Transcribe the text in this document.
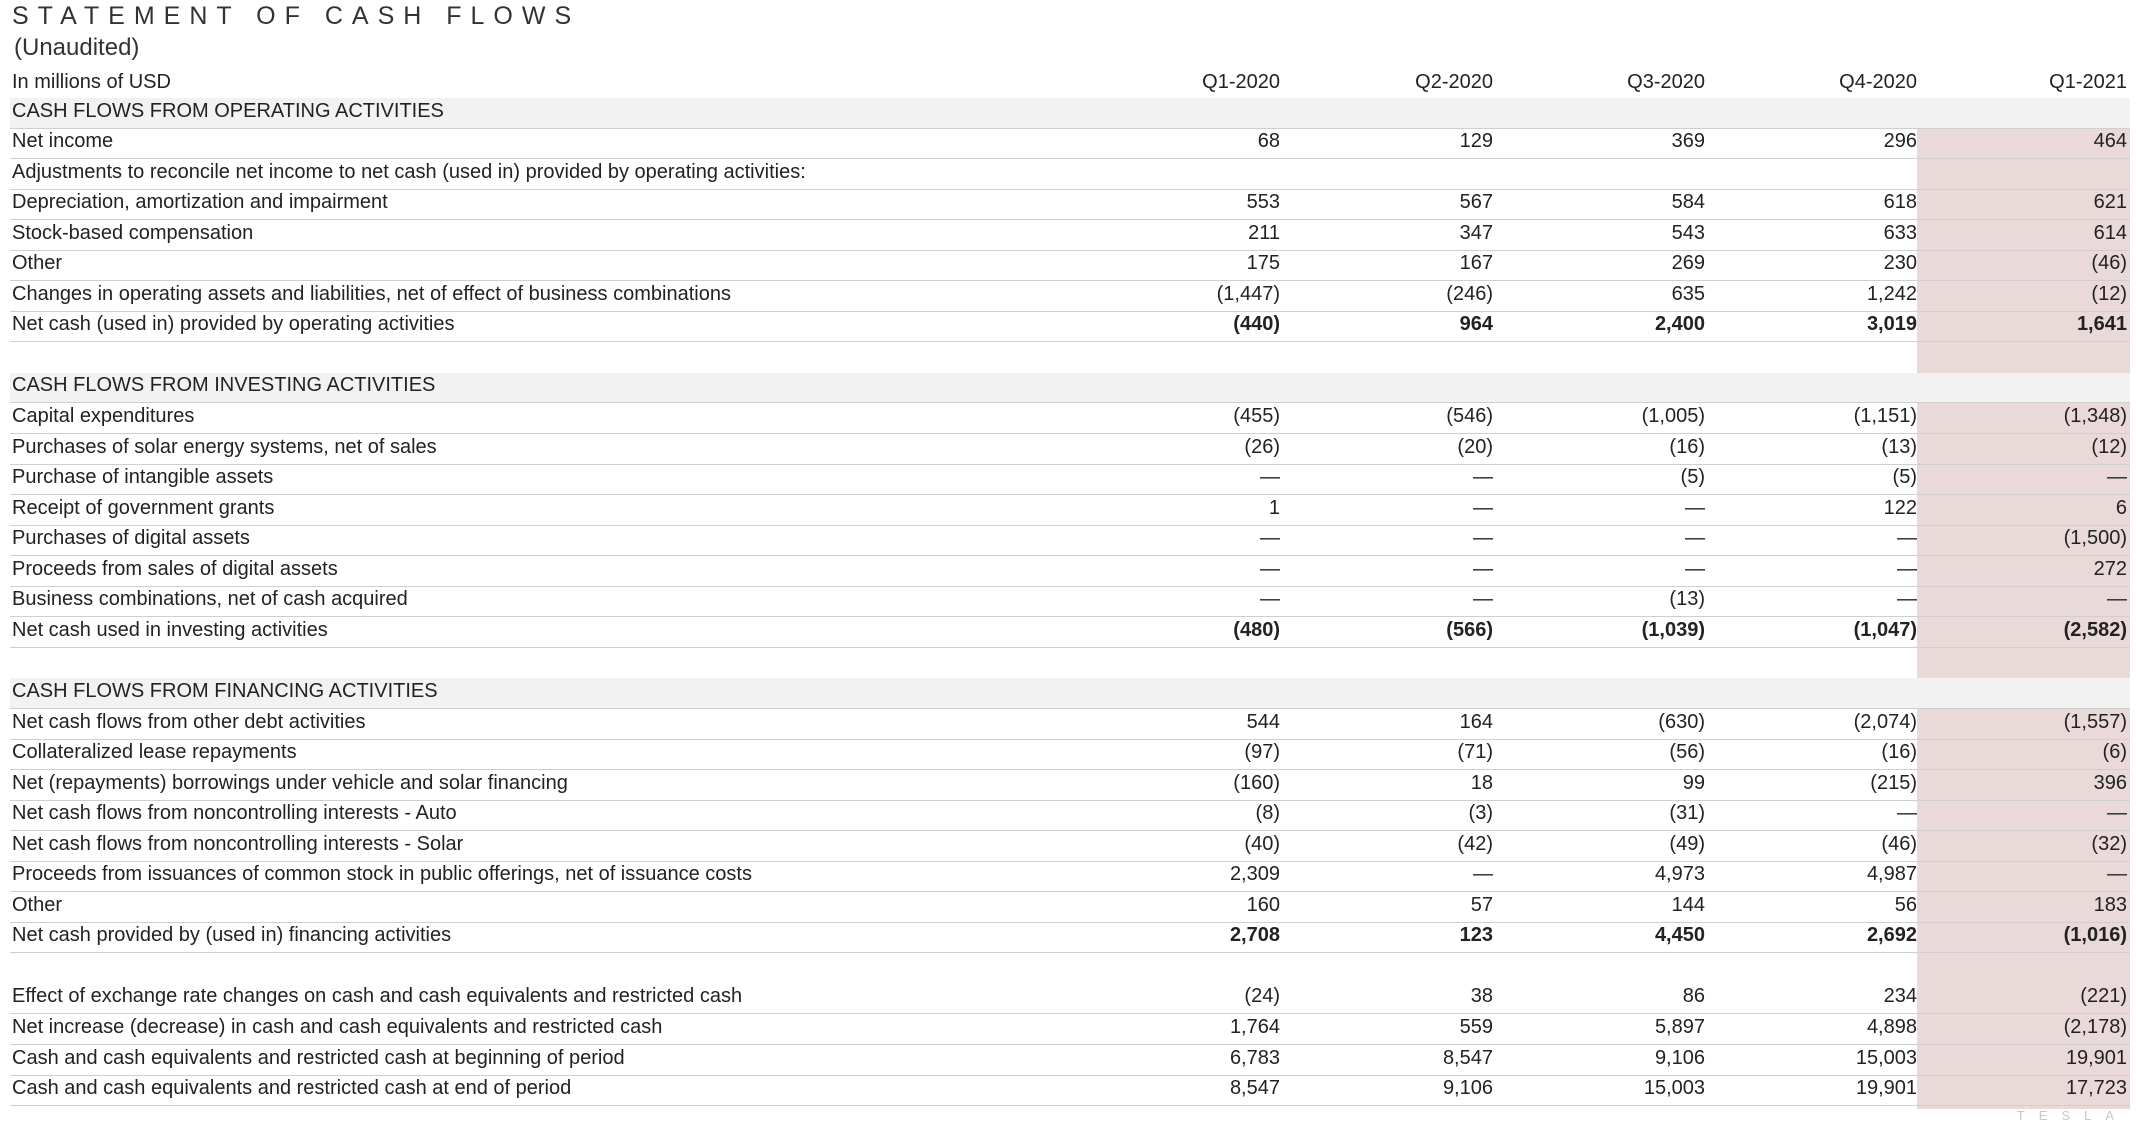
STATEMENT OF CASH FLOWS
(Unaudited)
In millions of USD	Q1-2020	Q2-2020	Q3-2020	Q4-2020	Q1-2021
CASH FLOWS FROM OPERATING ACTIVITIES
Net income	68	129	369	296	464
Adjustments to reconcile net income to net cash (used in) provided by operating activities:
Depreciation, amortization and impairment	553	567	584	618	621
Stock-based compensation	211	347	543	633	614
Other	175	167	269	230	(46)
Changes in operating assets and liabilities, net of effect of business combinations	(1,447)	(246)	635	1,242	(12)
Net cash (used in) provided by operating activities	(440)	964	2,400	3,019	1,641
CASH FLOWS FROM INVESTING ACTIVITIES
Capital expenditures	(455)	(546)	(1,005)	(1,151)	(1,348)
Purchases of solar energy systems, net of sales	(26)	(20)	(16)	(13)	(12)
Purchase of intangible assets	—	—	(5)	(5)	—
Receipt of government grants	1	—	—	122	6
Purchases of digital assets	—	—	—	—	(1,500)
Proceeds from sales of digital assets	—	—	—	—	272
Business combinations, net of cash acquired	—	—	(13)	—	—
Net cash used in investing activities	(480)	(566)	(1,039)	(1,047)	(2,582)
CASH FLOWS FROM FINANCING ACTIVITIES
Net cash flows from other debt activities	544	164	(630)	(2,074)	(1,557)
Collateralized lease repayments	(97)	(71)	(56)	(16)	(6)
Net (repayments) borrowings under vehicle and solar financing	(160)	18	99	(215)	396
Net cash flows from noncontrolling interests - Auto	(8)	(3)	(31)	—	—
Net cash flows from noncontrolling interests - Solar	(40)	(42)	(49)	(46)	(32)
Proceeds from issuances of common stock in public offerings, net of issuance costs	2,309	—	4,973	4,987	—
Other	160	57	144	56	183
Net cash provided by (used in) financing activities	2,708	123	4,450	2,692	(1,016)
Effect of exchange rate changes on cash and cash equivalents and restricted cash	(24)	38	86	234	(221)
Net increase (decrease) in cash and cash equivalents and restricted cash	1,764	559	5,897	4,898	(2,178)
Cash and cash equivalents and restricted cash at beginning of period	6,783	8,547	9,106	15,003	19,901
Cash and cash equivalents and restricted cash at end of period	8,547	9,106	15,003	19,901	17,723
TESLA
